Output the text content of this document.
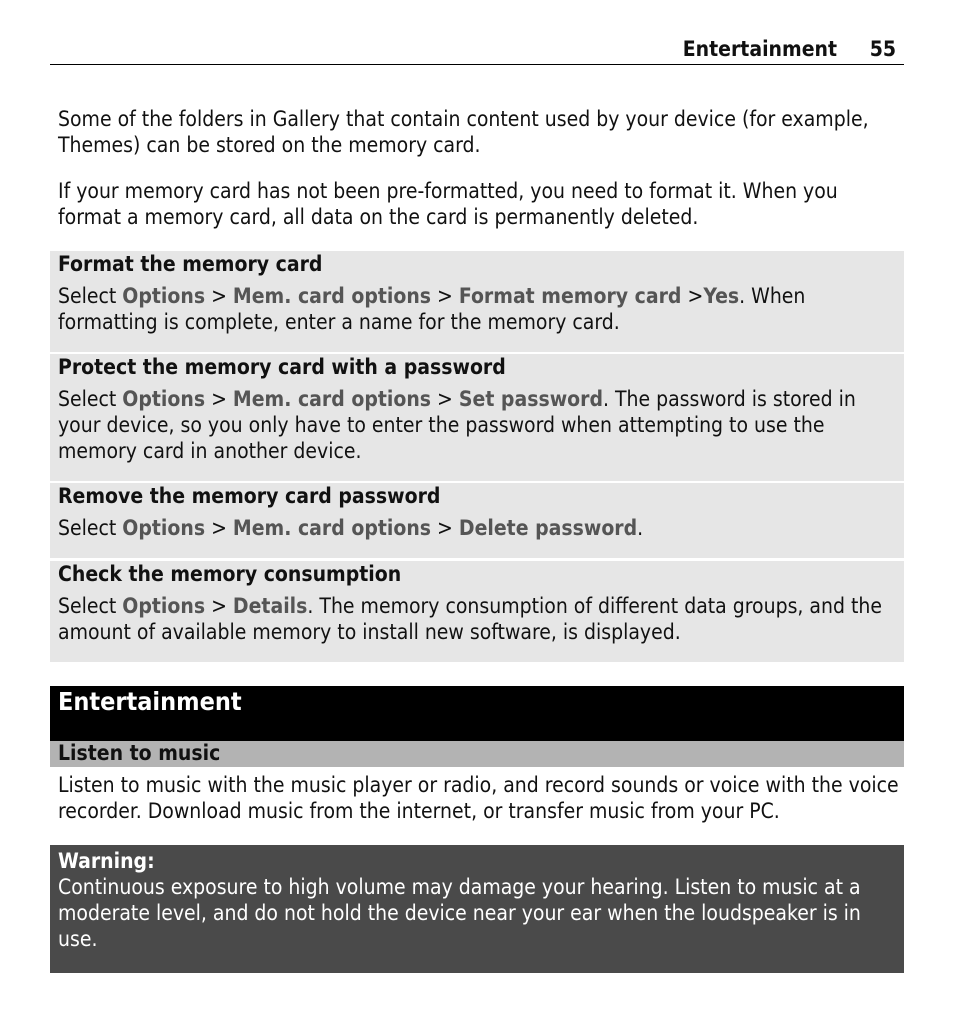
Entertainment 55
Some of the folders in Gallery that contain content used by your device (for example, Themes) can be stored on the memory card.
If your memory card has not been pre-formatted, you need to format it. When you format a memory card, all data on the card is permanently deleted.
Format the memory card
Select Options > Mem. card options > Format memory card >Yes. When formatting is complete, enter a name for the memory card.
Protect the memory card with a password
Select Options > Mem. card options > Set password. The password is stored in your device, so you only have to enter the password when attempting to use the memory card in another device.
Remove the memory card password
Select Options > Mem. card options > Delete password.
Check the memory consumption
Select Options > Details. The memory consumption of different data groups, and the amount of available memory to install new software, is displayed.
Entertainment
Listen to music
Listen to music with the music player or radio, and record sounds or voice with the voice recorder. Download music from the internet, or transfer music from your PC.
Warning:
Continuous exposure to high volume may damage your hearing. Listen to music at a moderate level, and do not hold the device near your ear when the loudspeaker is in use.
